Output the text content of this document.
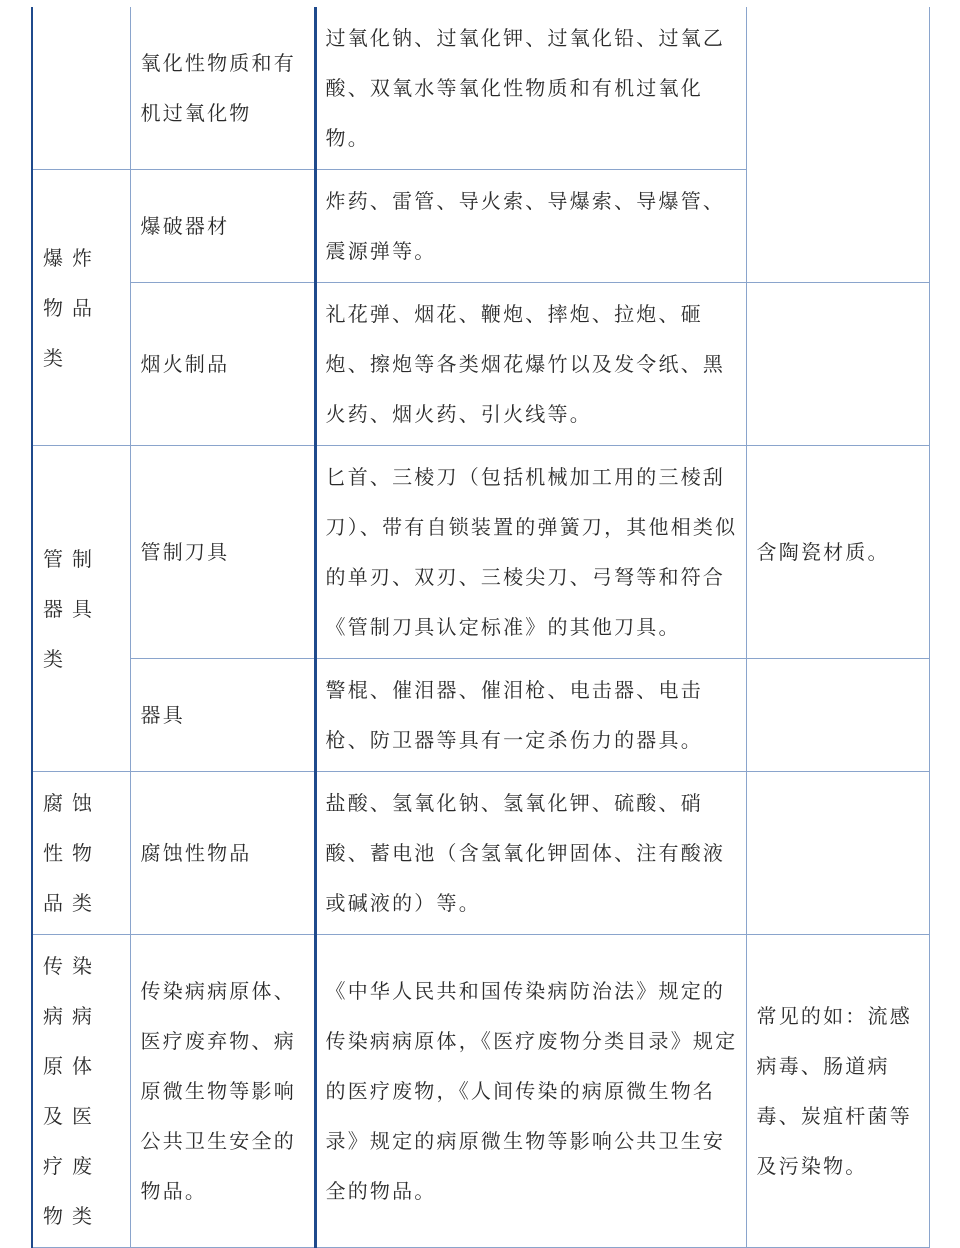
	氧化性物质和有机过氧化物	过氧化钠、过氧化钾、过氧化铅、过氧乙酸、双氧水等氧化性物质和有机过氧化物。	
爆炸物品类	爆破器材	炸药、雷管、导火索、导爆索、导爆管、震源弹等。	
	烟火制品	礼花弹、烟花、鞭炮、摔炮、拉炮、砸炮、擦炮等各类烟花爆竹以及发令纸、黑火药、烟火药、引火线等。	
管制器具类	管制刀具	匕首、三棱刀（包括机械加工用的三棱刮刀）、带有自锁装置的弹簧刀，其他相类似的单刃、双刃、三棱尖刀、弓弩等和符合《管制刀具认定标准》的其他刀具。	含陶瓷材质。
	器具	警棍、催泪器、催泪枪、电击器、电击枪、防卫器等具有一定杀伤力的器具。	
腐蚀性物品类	腐蚀性物品	盐酸、氢氧化钠、氢氧化钾、硫酸、硝酸、蓄电池（含氢氧化钾固体、注有酸液或碱液的）等。	
传染病病原体及医疗废物类	传染病病原体、医疗废弃物、病原微生物等影响公共卫生安全的物品。	《中华人民共和国传染病防治法》规定的传染病病原体，《医疗废物分类目录》规定的医疗废物，《人间传染的病原微生物名录》规定的病原微生物等影响公共卫生安全的物品。	常见的如：流感病毒、肠道病毒、炭疽杆菌等及污染物。
